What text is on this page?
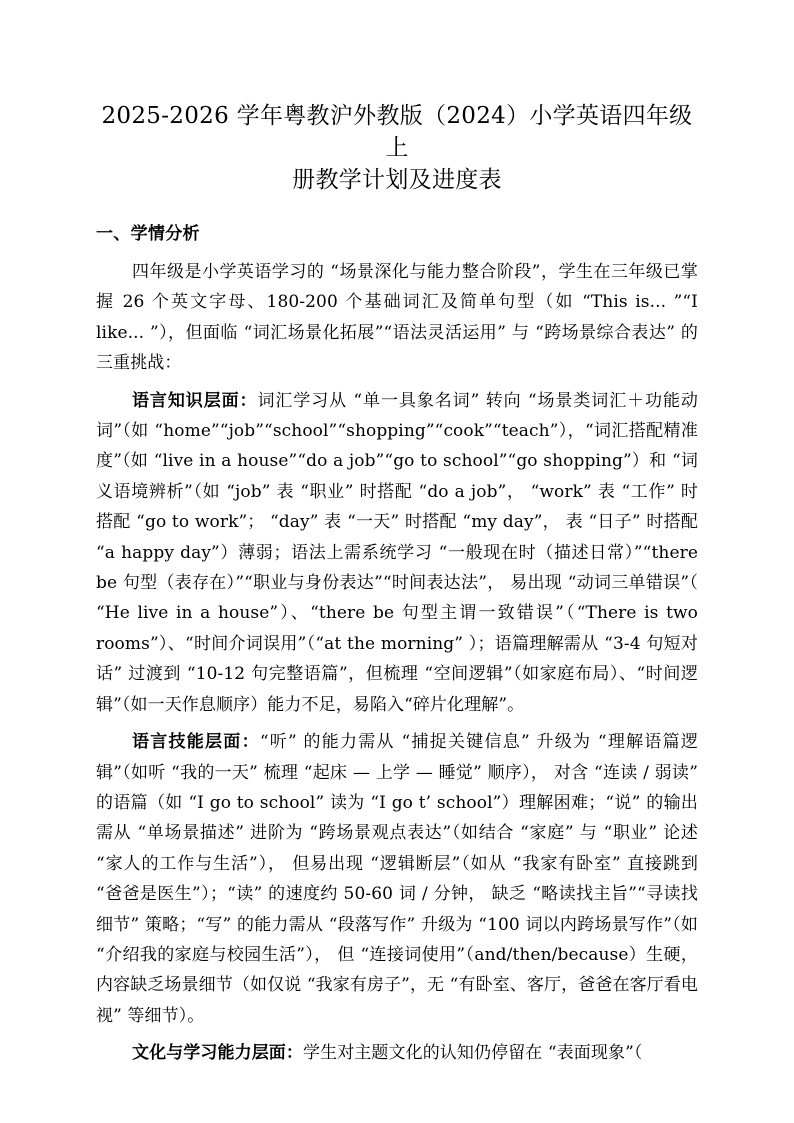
2025-2026 学年粤教沪外教版（2024）小学英语四年级上
册教学计划及进度表
一、学情分析

四年级是小学英语学习的 “场景深化与能力整合阶段”，学生在三年级已掌握 26 个英文字母、180-200 个基础词汇及简单句型（如 “This is... ”“I like... ”），但面临 “词汇场景化拓展”“语法灵活运用” 与 “跨场景综合表达” 的三重挑战：

语言知识层面：词汇学习从 “单一具象名词” 转向 “场景类词汇＋功能动词”（如 “home”“job”“school”“shopping”“cook”“teach”），“词汇搭配精准度”（如 “live in a house”“do a job”“go to school”“go shopping”）和 “词义语境辨析”（如 “job” 表 “职业” 时搭配 “do a job”， “work” 表 “工作” 时搭配 “go to work”； “day” 表 “一天” 时搭配 “my day”， 表 “日子” 时搭配 “a happy day”）薄弱；语法上需系统学习 “一般现在时（描述日常）”“there be 句型（表存在）”“职业与身份表达”“时间表达法”， 易出现 “动词三单错误”（ “He live in a house”）、“there be 句型主谓一致错误”（“There is two rooms”）、“时间介词误用”（“at the morning” ）；语篇理解需从 “3-4 句短对话” 过渡到 “10-12 句完整语篇”，但梳理 “空间逻辑”（如家庭布局）、“时间逻辑”（如一天作息顺序）能力不足，易陷入“碎片化理解”。

语言技能层面：“听” 的能力需从 “捕捉关键信息” 升级为 “理解语篇逻辑”（如听 “我的一天” 梳理 “起床 — 上学 — 睡觉” 顺序）， 对含 “连读 / 弱读” 的语篇（如 “I go to school” 读为 “I go t’ school”）理解困难；“说” 的输出需从 “单场景描述” 进阶为 “跨场景观点表达”（如结合 “家庭” 与 “职业” 论述 “家人的工作与生活”）， 但易出现 “逻辑断层”（如从 “我家有卧室” 直接跳到 “爸爸是医生”）；“读” 的速度约 50-60 词 / 分钟， 缺乏 “略读找主旨”“寻读找细节” 策略；“写” 的能力需从 “段落写作” 升级为 “100 词以内跨场景写作”（如 “介绍我的家庭与校园生活”）， 但 “连接词使用”（and/then/because）生硬，内容缺乏场景细节（如仅说 “我家有房子”，无 “有卧室、客厅，爸爸在客厅看电视” 等细节）。

文化与学习能力层面：学生对主题文化的认知仍停留在 “表面现象”（
